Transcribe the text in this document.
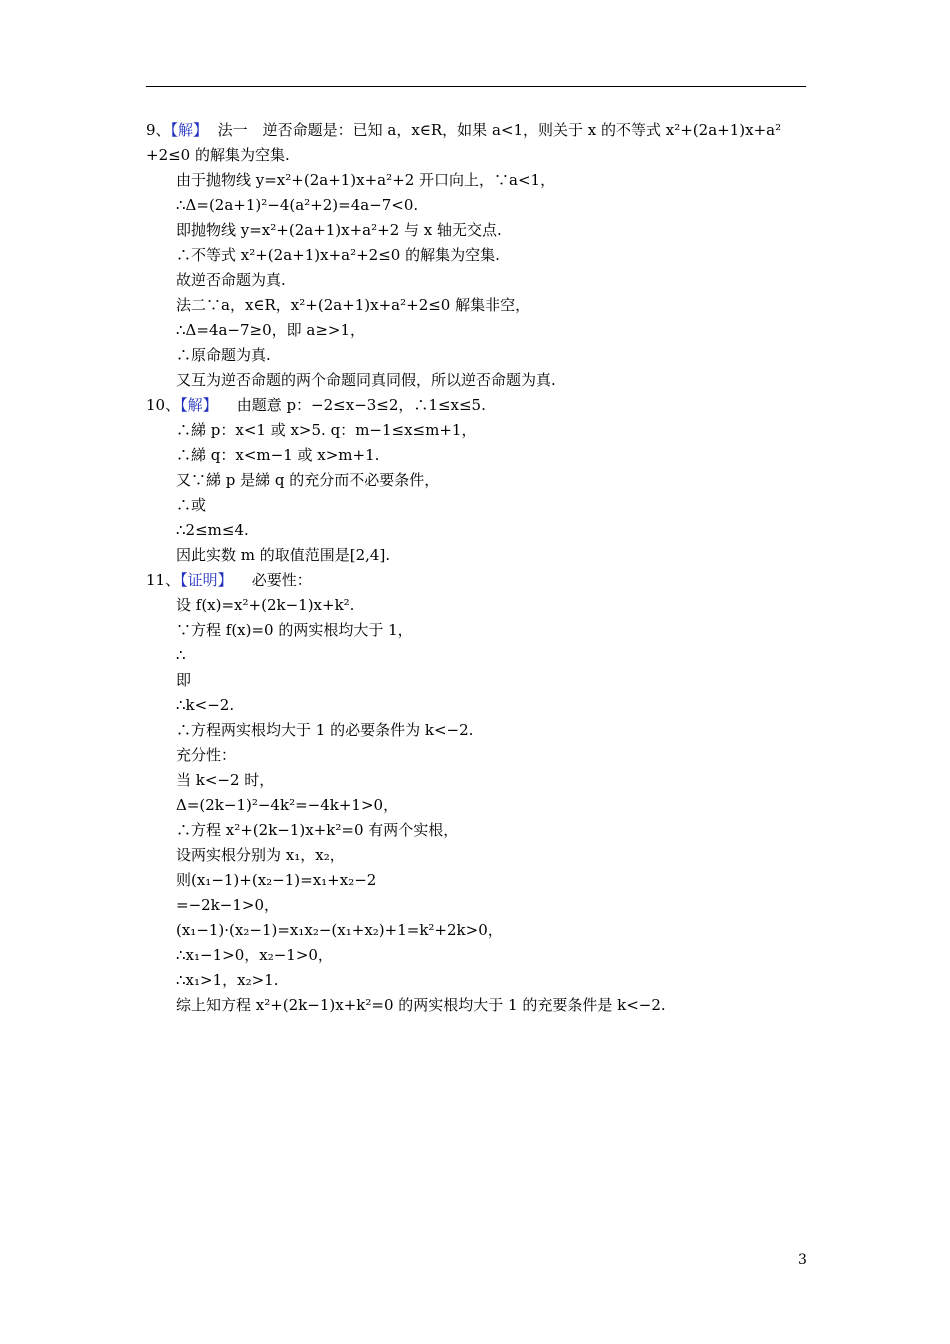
9、【解】 法一　逆否命题是：已知 a，x∈R，如果 a<1，则关于 x 的不等式 x²+(2a+1)x+a²
+2≤0 的解集为空集.
由于抛物线 y=x²+(2a+1)x+a²+2 开口向上，∵a<1，
∴Δ=(2a+1)²−4(a²+2)=4a−7<0.
即抛物线 y=x²+(2a+1)x+a²+2 与 x 轴无交点.
∴不等式 x²+(2a+1)x+a²+2≤0 的解集为空集.
故逆否命题为真.
法二∵a，x∈R，x²+(2a+1)x+a²+2≤0 解集非空，
∴Δ=4a−7≥0，即 a≥>1，
∴原命题为真.
又互为逆否命题的两个命题同真同假，所以逆否命题为真.
10、【解】 由题意 p：−2≤x−3≤2，∴1≤x≤5.
∴綈 p：x<1 或 x>5. q：m−1≤x≤m+1，
∴綈 q：x<m−1 或 x>m+1.
又∵綈 p 是綈 q 的充分而不必要条件，
∴或
∴2≤m≤4.
因此实数 m 的取值范围是[2,4].
11、【证明】 必要性：
设 f(x)=x²+(2k−1)x+k².
∵方程 f(x)=0 的两实根均大于 1，
∴
即
∴k<−2.
∴方程两实根均大于 1 的必要条件为 k<−2.
充分性：
当 k<−2 时，
Δ=(2k−1)²−4k²=−4k+1>0，
∴方程 x²+(2k−1)x+k²=0 有两个实根，
设两实根分别为 x₁，x₂，
则(x₁−1)+(x₂−1)=x₁+x₂−2
=−2k−1>0，
(x₁−1)·(x₂−1)=x₁x₂−(x₁+x₂)+1=k²+2k>0，
∴x₁−1>0，x₂−1>0，
∴x₁>1，x₂>1.
综上知方程 x²+(2k−1)x+k²=0 的两实根均大于 1 的充要条件是 k<−2.
3
